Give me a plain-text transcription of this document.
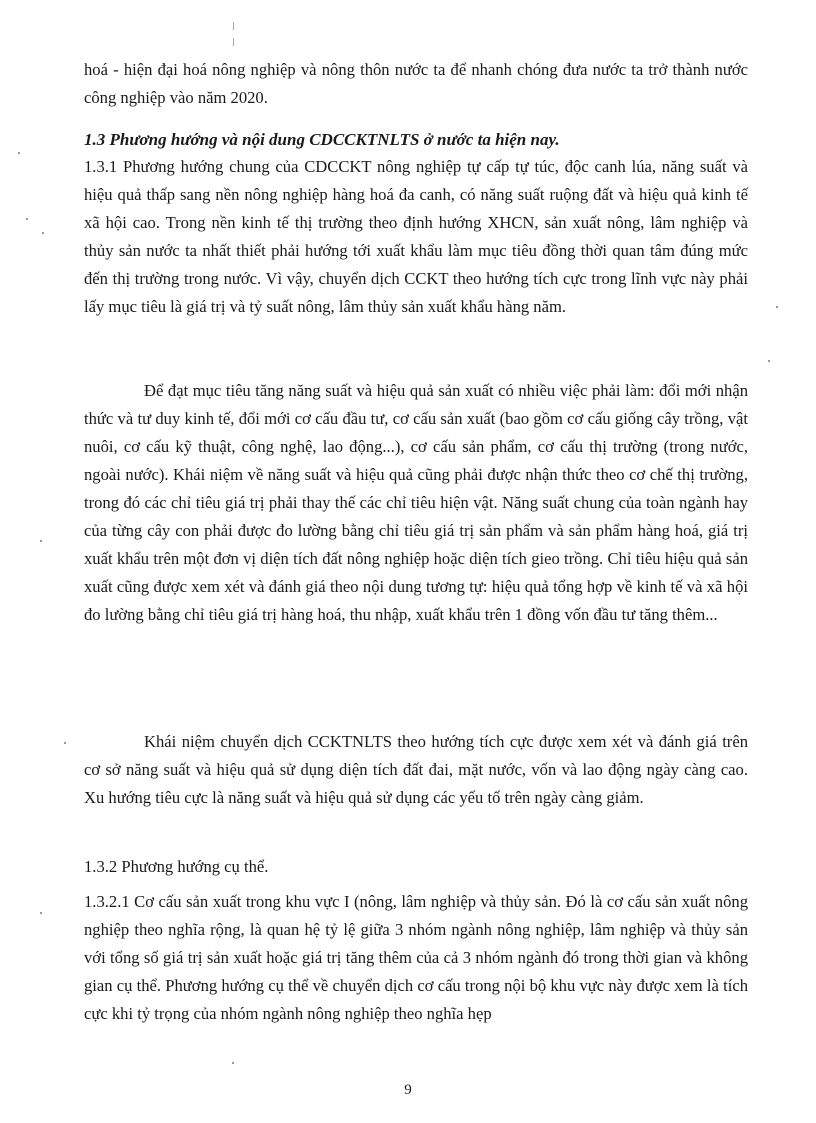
hoá - hiện đại hoá nông nghiệp và nông thôn nước ta để nhanh chóng đưa nước ta trở thành nước công nghiệp vào năm 2020.

1.3 Phương hướng và nội dung CDCCKTNLTS ở nước ta hiện nay.

1.3.1 Phương hướng chung của CDCCKT nông nghiệp tự cấp tự túc, độc canh lúa, năng suất và hiệu quả thấp sang nền nông nghiệp hàng hoá đa canh, có năng suất ruộng đất và hiệu quả kinh tế xã hội cao. Trong nền kinh tế thị trường theo định hướng XHCN, sản xuất nông, lâm nghiệp và thủy sản nước ta nhất thiết phải hướng tới xuất khẩu làm mục tiêu đồng thời quan tâm đúng mức đến thị trường trong nước. Vì vậy, chuyển dịch CCKT theo hướng tích cực trong lĩnh vực này phải lấy mục tiêu là giá trị và tỷ suất nông, lâm thủy sản xuất khẩu hàng năm.

Để đạt mục tiêu tăng năng suất và hiệu quả sản xuất có nhiều việc phải làm: đổi mới nhận thức và tư duy kinh tế, đổi mới cơ cấu đầu tư, cơ cấu sản xuất (bao gồm cơ cấu giống cây trồng, vật nuôi, cơ cấu kỹ thuật, công nghệ, lao động...), cơ cấu sản phẩm, cơ cấu thị trường (trong nước, ngoài nước). Khái niệm về năng suất và hiệu quả cũng phải được nhận thức theo cơ chế thị trường, trong đó các chỉ tiêu giá trị phải thay thế các chỉ tiêu hiện vật. Năng suất chung của toàn ngành hay của từng cây con phải được đo lường bằng chỉ tiêu giá trị sản phẩm và sản phẩm hàng hoá, giá trị xuất khẩu trên một đơn vị diện tích đất nông nghiệp hoặc diện tích gieo trồng. Chỉ tiêu hiệu quả sản xuất cũng được xem xét và đánh giá theo nội dung tương tự: hiệu quả tổng hợp về kinh tế và xã hội đo lường bằng chỉ tiêu giá trị hàng hoá, thu nhập, xuất khẩu trên 1 đồng vốn đầu tư tăng thêm...

Khái niệm chuyển dịch CCKTNLTS theo hướng tích cực được xem xét và đánh giá trên cơ sở năng suất và hiệu quả sử dụng diện tích đất đai, mặt nước, vốn và lao động ngày càng cao. Xu hướng tiêu cực là năng suất và hiệu quả sử dụng các yếu tố trên ngày càng giảm.

1.3.2 Phương hướng cụ thể.

1.3.2.1 Cơ cấu sản xuất trong khu vực I (nông, lâm nghiệp và thủy sản. Đó là cơ cấu sản xuất nông nghiệp theo nghĩa rộng, là quan hệ tỷ lệ giữa 3 nhóm ngành nông nghiệp, lâm nghiệp và thủy sản với tổng số giá trị sản xuất hoặc giá trị tăng thêm của cả 3 nhóm ngành đó trong thời gian và không gian cụ thể. Phương hướng cụ thể về chuyển dịch cơ cấu trong nội bộ khu vực này được xem là tích cực khi tỷ trọng của nhóm ngành nông nghiệp theo nghĩa hẹp

9
